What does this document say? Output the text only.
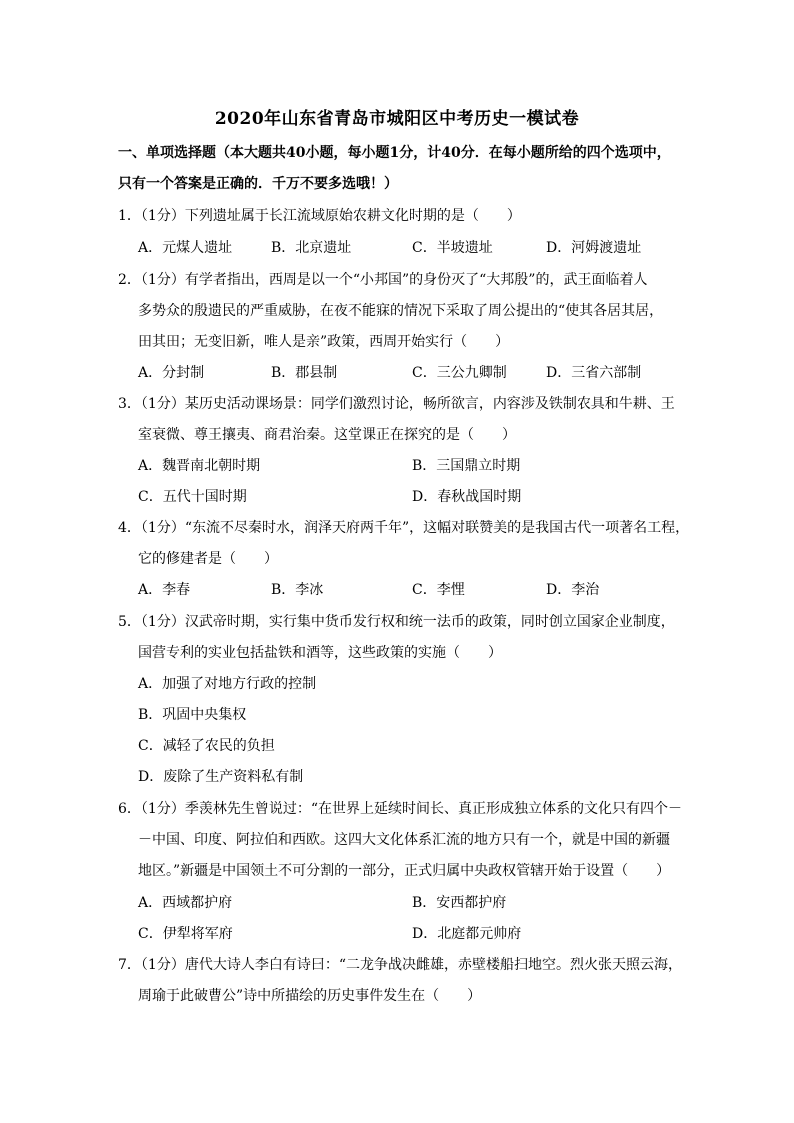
2020年山东省青岛市城阳区中考历史一模试卷
一、单项选择题（本大题共40小题，每小题1分，计40分．在每小题所给的四个选项中，
只有一个答案是正确的．千万不要多选哦！）
1．（1分）下列遗址属于长江流域原始农耕文化时期的是（　　）
A．元煤人遗址	B．北京遗址	C．半坡遗址	D．河姆渡遗址
2．（1分）有学者指出，西周是以一个“小邦国”的身份灭了“大邦殷”的，武王面临着人
多势众的殷遗民的严重威胁，在夜不能寐的情况下采取了周公提出的“使其各居其居，
田其田；无变旧新，唯人是亲”政策，西周开始实行（　　）
A．分封制	B．郡县制	C．三公九卿制	D．三省六部制
3．（1分）某历史活动课场景：同学们激烈讨论，畅所欲言，内容涉及铁制农具和牛耕、王
室衰微、尊王攘夷、商君治秦。这堂课正在探究的是（　　）
A．魏晋南北朝时期	B．三国鼎立时期
C．五代十国时期	D．春秋战国时期
4．（1分）“东流不尽秦时水，润泽天府两千年”，这幅对联赞美的是我国古代一项著名工程，
它的修建者是（　　）
A．李春	B．李冰	C．李悝	D．李治
5．（1分）汉武帝时期，实行集中货币发行权和统一法币的政策，同时创立国家企业制度，
国营专利的实业包括盐铁和酒等，这些政策的实施（　　）
A．加强了对地方行政的控制
B．巩固中央集权
C．减轻了农民的负担
D．废除了生产资料私有制
6．（1分）季羡林先生曾说过：“在世界上延续时间长、真正形成独立体系的文化只有四个－
－中国、印度、阿拉伯和西欧。这四大文化体系汇流的地方只有一个，就是中国的新疆
地区。”新疆是中国领土不可分割的一部分，正式归属中央政权管辖开始于设置（　　）
A．西域都护府	B．安西都护府
C．伊犁将军府	D．北庭都元帅府
7．（1分）唐代大诗人李白有诗曰：“二龙争战决雌雄，赤壁楼船扫地空。烈火张天照云海，
周瑜于此破曹公”诗中所描绘的历史事件发生在（　　）
